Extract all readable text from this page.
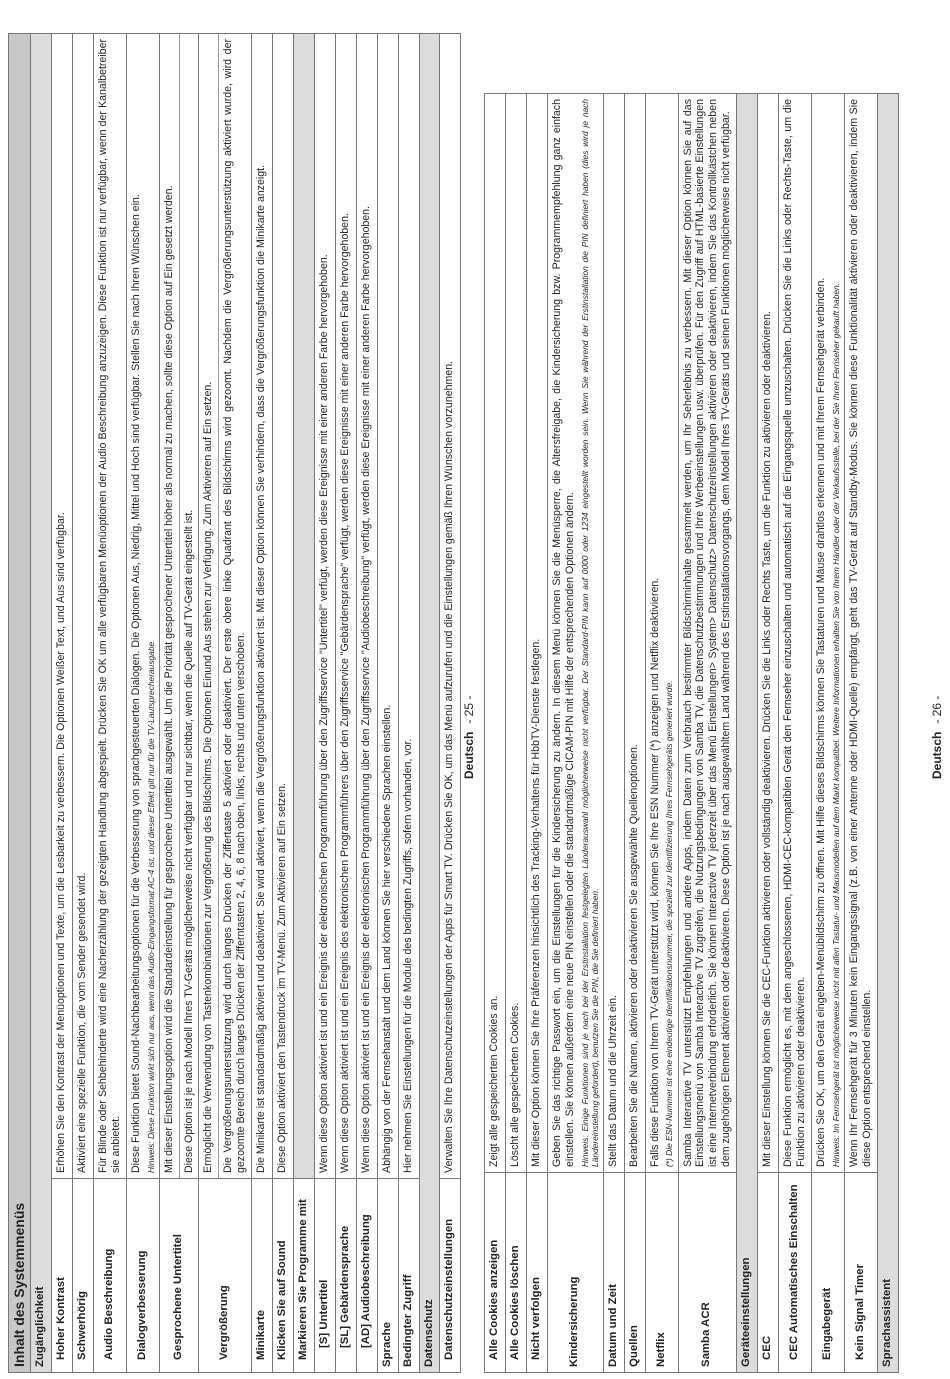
Inhalt des Systemmenüs	
Zugänglichkeit	
Hoher Kontrast	Erhöhen Sie den Kontrast der Menüoptionen und Texte, um die Lesbarkeit zu verbessern. Die Optionen Weißer Text, und Aus sind verfügbar.
Schwerhörig	Aktiviert eine spezielle Funktion, die vom Sender gesendet wird.
Audio Beschreibung	Für Blinde oder Sehbehinderte wird eine Nacherzählung der gezeigten Handlung abgespielt. Drücken Sie OK um alle verfügbaren Menüoptionen der Audio Beschreibung anzuzeigen. Diese Funktion ist nur verfügbar, wenn der Kanalbetreiber sie anbietet.
Dialogverbesserung	Diese Funktion bietet Sound-Nachbearbeitungsoptionen für die Verbesserung von sprachgesteuerten Dialogen. Die Optionen Aus, Niedrig, Mittel und Hoch sind verfügbar. Stellen Sie nach Ihren Wünschen ein. Hinweis: Diese Funktion wirkt sich nur aus, wenn das Audio-Eingangsformat AC-4 ist, und dieser Effekt gilt nur für die TV-Lautsprecherausgabe.

Gesprochene Untertitel	Mit dieser Einstellungsoption wird die Standardeinstellung für gesprochene Untertitel ausgewählt. Um die Priorität gesprochener Untertitel höher als normal zu machen, sollte diese Option auf Ein gesetzt werden. Diese Option ist je nach Modell Ihres TV-Geräts möglicherweise nicht verfügbar und nur sichtbar, wenn die Quelle auf TV-Gerät eingestellt ist.

Vergrößerung	Ermöglicht die Verwendung von Tastenkombinationen zur Vergrößerung des Bildschirms. Die Optionen Einund Aus stehen zur Verfügung. Zum Aktivieren auf Ein setzen. Die Vergrößerungsunterstützung wird durch langes Drücken der Ziffertaste 5 aktiviert oder deaktiviert. Der erste obere linke Quadrant des Bildschirms wird gezoomt. Nachdem die Vergrößerungsunterstützung aktiviert wurde, wird der gezoomte Bereich durch langes Drücken der Zifferntasten 2, 4, 6, 8 nach oben, links, rechts und unten verschoben.

Minikarte	Die Minikarte ist standardmäßig aktiviert und deaktiviert. Sie wird aktiviert, wenn die Vergrößerungsfunktion aktiviert ist. Mit dieser Option können Sie verhindern, dass die Vergrößerungsfunktion die Minikarte anzeigt.
Klicken Sie auf Sound	Diese Option aktiviert den Tastendruck im TV-Menü. Zum Aktivieren auf Ein setzen.
Markieren Sie Programme mit	
[S] Untertitel	Wenn diese Option aktiviert ist und ein Ereignis der elektronischen Programmführung über den Zugriffsservice "Untertitel" verfügt, werden diese Ereignisse mit einer anderen Farbe hervorgehoben.
[SL] Gebärdensprache	Wenn diese Option aktiviert ist und ein Ereignis des elektronischen Programmführers über den Zugriffsservice "Gebärdensprache" verfügt, werden diese Ereignisse mit einer anderen Farbe hervorgehoben.
[AD] Audiobeschreibung	Wenn diese Option aktiviert ist und ein Ereignis der elektronischen Programmführung über den Zugriffsservice "Audiobeschreibung" verfügt, werden diese Ereignisse mit einer anderen Farbe hervorgehoben.
Sprache	Abhängig von der Fernsehanstalt und dem Land können Sie hier verschiedene Sprachen einstellen.
Bedingter Zugriff	Hier nehmen Sie Einstellungen für die Module des bedingten Zugriffs, sofern vorhanden, vor.
Datenschutz	
Datenschutzeinstellungen	Verwalten Sie Ihre Datenschutzeinstellungen der Apps für Smart TV. Drücken Sie OK, um das Menü aufzurufen und die Einstellungen gemäß Ihren Wünschen vorzunehmen. Deutsch- 25 -
Alle Cookies anzeigen	Zeigt alle gespeicherten Cookies an.
Alle Cookies löschen	Löscht alle gespeicherten Cookies.
Nicht verfolgen	Mit dieser Option können Sie Ihre Präferenzen hinsichtlich des Tracking-Verhaltens für HbbTV-Dienste festlegen.
Kindersicherung	Geben Sie das richtige Passwort ein, um die Einstellungen für die Kindersicherung zu ändern. In diesem Menü können Sie die Menüsperre, die Altersfreigabe, die Kindersicherung bzw. Programmempfehlung ganz einfach einstellen. Sie können außerdem eine neue PIN einstellen oder die standardmäßige CICAM-PIN mit Hilfe der entsprechenden Optionen ändern. Hinweis: Einige Funktionen sind je nach bei der Erstinstallation festgelegten Länderauswahl möglicherweise nicht verfügbar. Der Standard-PIN kann auf 0000 oder 1234 eingestellt worden sein. Wenn Sie während der Erstinstallation die PIN definiert haben (dies wird je nach Ländereinstellung gefordert), benutzen Sie die PIN, die Sie definiert haben.

Datum und Zeit	Stellt das Datum und die Uhrzeit ein.
Quellen	Bearbeiten Sie die Namen, aktivieren oder deaktivieren Sie ausgewählte Quellenoptionen.
Netflix	Falls diese Funktion von Ihrem TV-Gerät unterstützt wird, können Sie Ihre ESN Nummer (*) anzeigen und Netflix deaktivieren. (*) Die ESN-Nummer ist eine eindeutige Identifikationsnummer, die speziell zur Identifizierung Ihres Fernsehgeräts generiert wurde.

Samba ACR	Samba Interactive TV unterstützt Empfehlungen und andere Apps, indem Daten zum Verbrauch bestimmter Bildschirminhalte gesammelt werden, um Ihr Seherlebnis zu verbessern. Mit dieser Option können Sie auf das Einstellungsmenü von Samba Interactive TV zugreifen, die Nutzungsbedingungen von Samba TV, die Datenschutzbestimmungen und Ihre Werbeeinstellungen usw. überprüfen. Für den Zugriff auf HTML-basierte Einstellungen ist eine Internetverbindung erforderlich. Sie können Interactive TV jederzeit über das Menü Einstellungen> System> Datenschutz> Datenschutzeinstellungen aktivieren oder deaktivieren, indem Sie das Kontrollkästchen neben dem zugehörigen Element aktivieren oder deaktivieren. Diese Option ist je nach ausgewähltem Land während des Erstinstallationsvorgangs, dem Modell Ihres TV-Geräts und seinen Funktionen möglicherweise nicht verfügbar.
Geräteeinstellungen	
CEC	Mit dieser Einstellung können Sie die CEC-Funktion aktivieren oder vollständig deaktivieren. Drücken Sie die Links oder Rechts Taste, um die Funktion zu aktivieren oder deaktivieren.
CEC Automatisches Einschalten	Diese Funktion ermöglicht es, mit dem angeschlossenen, HDMI-CEC-kompatiblen Gerät den Fernseher einzuschalten und automatisch auf die Eingangsquelle umzuschalten. Drücken Sie die Links oder Rechts-Taste, um die Funktion zu aktivieren oder deaktivieren.
Eingabegerät	Drücken Sie OK, um den Gerät eingeben-Menübildschirm zu öffnen. Mit Hilfe dieses Bildschirms können Sie Tastaturen und Mäuse drahtlos erkennen und mit Ihrem Fernsehgerät verbinden. Hinweis: Im Fernsehgerät ist möglicherweise nicht mit allen Tastatur- und Mausmodellen auf dem Markt kompatibel. Weitere Informationen erhalten Sie von Ihrem Händler oder der Verkaufsstelle, bei der Sie Ihren Fernseher gekauft haben.

Kein Signal Timer	Wenn Ihr Fernsehgerät für 3 Minuten kein Eingangssignal (z.B. von einer Antenne oder HDMI-Quelle) empfängt, geht das TV-Gerät auf Standby-Modus. Sie können diese Funktionalität aktivieren oder deaktivieren, indem Sie diese Option entsprechend einstellen.
Sprachassistent	
Deutsch- 26 -
